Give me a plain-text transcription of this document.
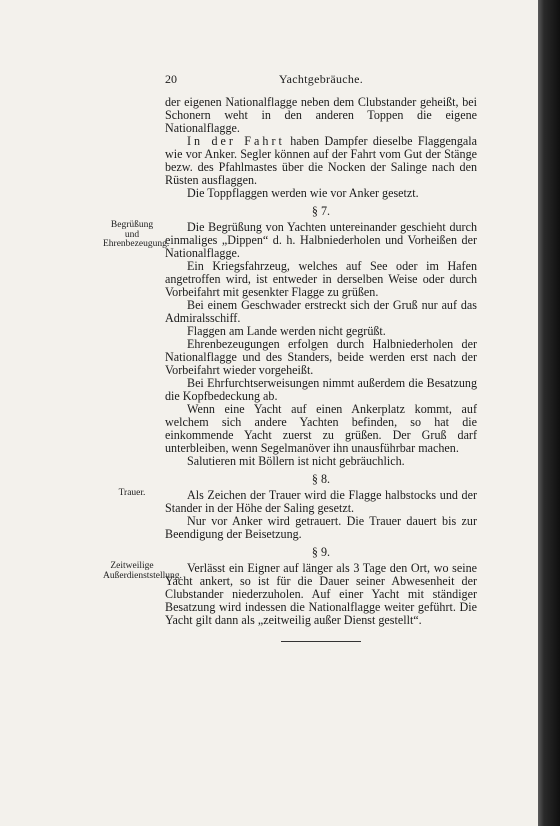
20	Yachtgebräuche.

der eigenen Nationalflagge neben dem Clubstander geheißt, bei Schonern weht in den anderen Toppen die eigene Nationalflagge.

In der Fahrt haben Dampfer dieselbe Flaggengala wie vor Anker. Segler können auf der Fahrt vom Gut der Stänge bezw. des Pfahlmastes über die Nocken der Salinge nach den Rüsten ausflaggen.

Die Toppflaggen werden wie vor Anker gesetzt.

§ 7.

Begrüßung und Ehrenbezeugung.

Die Begrüßung von Yachten untereinander geschieht durch einmaliges „Dippen“ d. h. Halbniederholen und Vorheißen der Nationalflagge.

Ein Kriegsfahrzeug, welches auf See oder im Hafen angetroffen wird, ist entweder in derselben Weise oder durch Vorbeifahrt mit gesenkter Flagge zu grüßen.

Bei einem Geschwader erstreckt sich der Gruß nur auf das Admiralsschiff.

Flaggen am Lande werden nicht gegrüßt.

Ehrenbezeugungen erfolgen durch Halbniederholen der Nationalflagge und des Standers, beide werden erst nach der Vorbeifahrt wieder vorgeheißt.

Bei Ehrfurchtserweisungen nimmt außerdem die Besatzung die Kopfbedeckung ab.

Wenn eine Yacht auf einen Ankerplatz kommt, auf welchem sich andere Yachten befinden, so hat die einkommende Yacht zuerst zu grüßen. Der Gruß darf unterbleiben, wenn Segelmanöver ihn unausführbar machen.

Salutieren mit Böllern ist nicht gebräuchlich.

§ 8.

Trauer.	Als Zeichen der Trauer wird die Flagge halbstocks und der Stander in der Höhe der Saling gesetzt.

Nur vor Anker wird getrauert. Die Trauer dauert bis zur Beendigung der Beisetzung.

§ 9.

Zeitweilige Außerdienststellung.

Verlässt ein Eigner auf länger als 3 Tage den Ort, wo seine Yacht ankert, so ist für die Dauer seiner Abwesenheit der Clubstander niederzuholen. Auf einer Yacht mit ständiger Besatzung wird indessen die Nationalflagge weiter geführt. Die Yacht gilt dann als „zeitweilig außer Dienst gestellt“.
